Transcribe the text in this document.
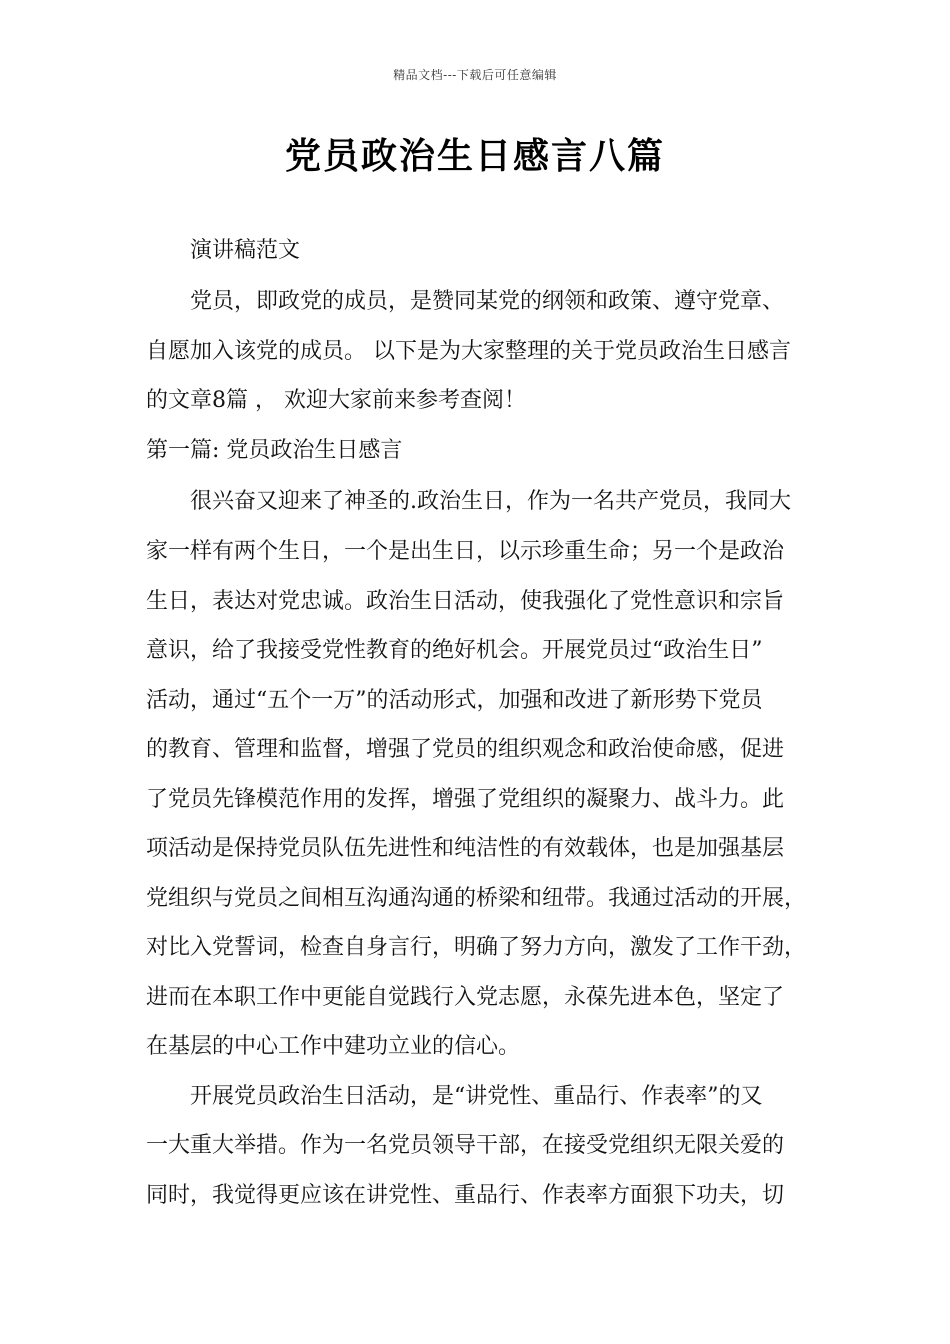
精品文档---下载后可任意编辑
党员政治生日感言八篇
演讲稿范文
党员，即政党的成员，是赞同某党的纲领和政策、遵守党章、
自愿加入该党的成员。 以下是为大家整理的关于党员政治生日感言
的文章8篇 ， 欢迎大家前来参考查阅！
第一篇: 党员政治生日感言
很兴奋又迎来了神圣的.政治生日，作为一名共产党员，我同大
家一样有两个生日，一个是出生日，以示珍重生命；另一个是政治
生日，表达对党忠诚。政治生日活动，使我强化了党性意识和宗旨
意识，给了我接受党性教育的绝好机会。开展党员过“政治生日”
活动，通过“五个一万”的活动形式，加强和改进了新形势下党员
的教育、管理和监督，增强了党员的组织观念和政治使命感，促进
了党员先锋模范作用的发挥，增强了党组织的凝聚力、战斗力。此
项活动是保持党员队伍先进性和纯洁性的有效载体，也是加强基层
党组织与党员之间相互沟通沟通的桥梁和纽带。我通过活动的开展，
对比入党誓词，检查自身言行，明确了努力方向，激发了工作干劲，
进而在本职工作中更能自觉践行入党志愿，永葆先进本色，坚定了
在基层的中心工作中建功立业的信心。
开展党员政治生日活动，是“讲党性、重品行、作表率”的又
一大重大举措。作为一名党员领导干部，在接受党组织无限关爱的
同时，我觉得更应该在讲党性、重品行、作表率方面狠下功夫，切
